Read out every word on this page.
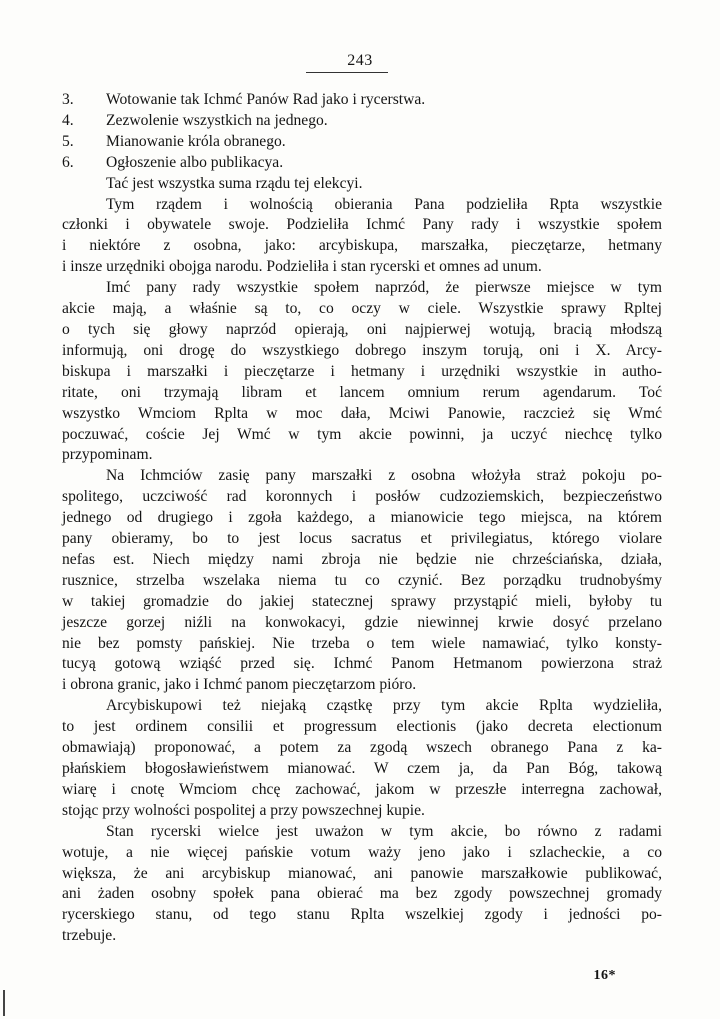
243
3. Wotowanie tak Ichmć Panów Rad jako i rycerstwa.
4. Zezwolenie wszystkich na jednego.
5. Mianowanie króla obranego.
6. Ogłoszenie albo publikacya.
Tać jest wszystka suma rządu tej elekcyi.
Tym rządem i wolnością obierania Pana podzieliła Rpta wszystkie
członki i obywatele swoje. Podzieliła Ichmć Pany rady i wszystkie społem
i niektóre z osobna, jako: arcybiskupa, marszałka, pieczętarze, hetmany
i insze urzędniki obojga narodu. Podzieliła i stan rycerski et omnes ad unum.
Imć pany rady wszystkie społem naprzód, że pierwsze miejsce w tym
akcie mają, a właśnie są to, co oczy w ciele. Wszystkie sprawy Rpltej
o tych się głowy naprzód opierają, oni najpierwej wotują, bracią młodszą
informują, oni drogę do wszystkiego dobrego inszym torują, oni i X. Arcy-
biskupa i marszałki i pieczętarze i hetmany i urzędniki wszystkie in autho-
ritate, oni trzymają libram et lancem omnium rerum agendarum. Toć
wszystko Wmciom Rplta w moc dała, Mciwi Panowie, raczcież się Wmć
poczuwać, coście Jej Wmć w tym akcie powinni, ja uczyć niechcę tylko
przypominam.
Na Ichmciów zasię pany marszałki z osobna włożyła straż pokoju po-
spolitego, uczciwość rad koronnych i posłów cudzoziemskich, bezpieczeństwo
jednego od drugiego i zgoła każdego, a mianowicie tego miejsca, na którem
pany obieramy, bo to jest locus sacratus et privilegiatus, którego violare
nefas est. Niech między nami zbroja nie będzie nie chrześciańska, działa,
rusznice, strzelba wszelaka niema tu co czynić. Bez porządku trudnobyśmy
w takiej gromadzie do jakiej statecznej sprawy przystąpić mieli, byłoby tu
jeszcze gorzej niźli na konwokacyi, gdzie niewinnej krwie dosyć przelano
nie bez pomsty pańskiej. Nie trzeba o tem wiele namawiać, tylko konsty-
tucyą gotową wziąść przed się. Ichmć Panom Hetmanom powierzona straż
i obrona granic, jako i Ichmć panom pieczętarzom pióro.
Arcybiskupowi też niejaką cząstkę przy tym akcie Rplta wydzieliła,
to jest ordinem consilii et progressum electionis (jako decreta electionum
obmawiają) proponować, a potem za zgodą wszech obranego Pana z ka-
płańskiem błogosławieństwem mianować. W czem ja, da Pan Bóg, takową
wiarę i cnotę Wmciom chcę zachować, jakom w przeszłe interregna zachował,
stojąc przy wolności pospolitej a przy powszechnej kupie.
Stan rycerski wielce jest uważon w tym akcie, bo równo z radami
wotuje, a nie więcej pańskie votum waży jeno jako i szlacheckie, a co
większa, że ani arcybiskup mianować, ani panowie marszałkowie publikować,
ani żaden osobny społek pana obierać ma bez zgody powszechnej gromady
rycerskiego stanu, od tego stanu Rplta wszelkiej zgody i jedności po-
trzebuje.
16*
